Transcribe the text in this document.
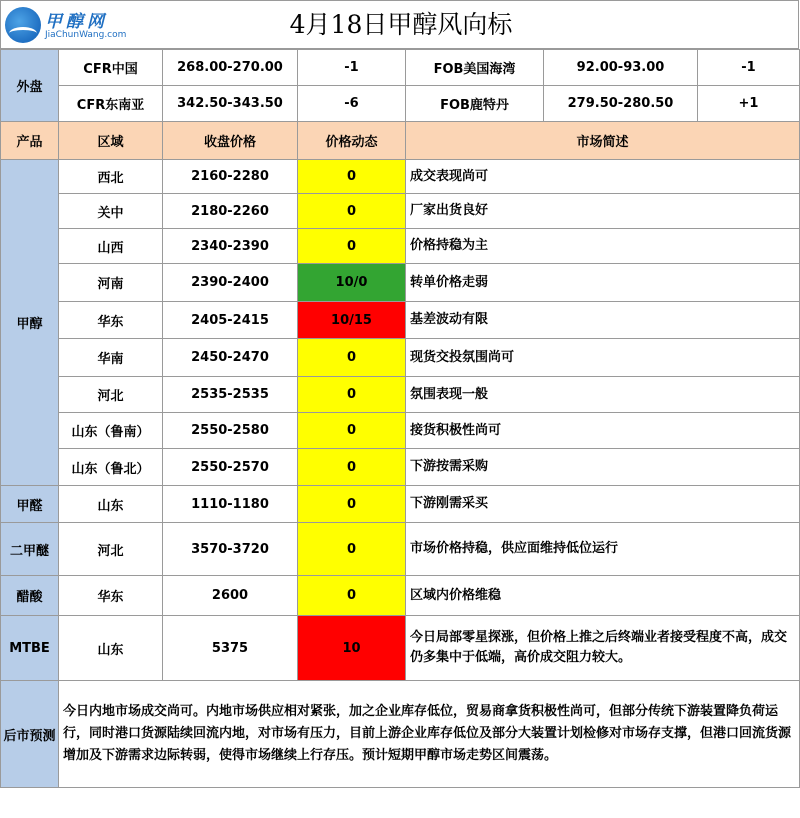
甲醇网
JiaChunWang.com	4月18日甲醇风向标
外盘	CFR中国	268.00-270.00	-1	FOB美国海湾	92.00-93.00	-1
	CFR东南亚	342.50-343.50	-6	FOB鹿特丹	279.50-280.50	+1
产品	区域	收盘价格	价格动态	市场简述		
甲醇	西北	2160-2280	0	成交表现尚可		
	关中	2180-2260	0	厂家出货良好		
	山西	2340-2390	0	价格持稳为主		
	河南	2390-2400	10/0	转单价格走弱		
	华东	2405-2415	10/15	基差波动有限		
	华南	2450-2470	0	现货交投氛围尚可		
	河北	2535-2535	0	氛围表现一般		
	山东（鲁南）	2550-2580	0	接货积极性尚可		
	山东（鲁北）	2550-2570	0	下游按需采购		
甲醛	山东	1110-1180	0	下游刚需采买		
二甲醚	河北	3570-3720	0	市场价格持稳，供应面维持低位运行		
醋酸	华东	2600	0	区域内价格维稳		
MTBE	山东	5375	10	今日局部零星探涨，但价格上推之后终端业者接受程度不高，成交仍多集中于低端，高价成交阻力较大。		
后市预测	今日内地市场成交尚可。内地市场供应相对紧张，加之企业库存低位，贸易商拿货积极性尚可，但部分传统下游装置降负荷运行，同时港口货源陆续回流内地，对市场有压力，目前上游企业库存低位及部分大装置计划检修对市场存支撑，但港口回流货源增加及下游需求边际转弱，使得市场继续上行存压。预计短期甲醇市场走势区间震荡。					
